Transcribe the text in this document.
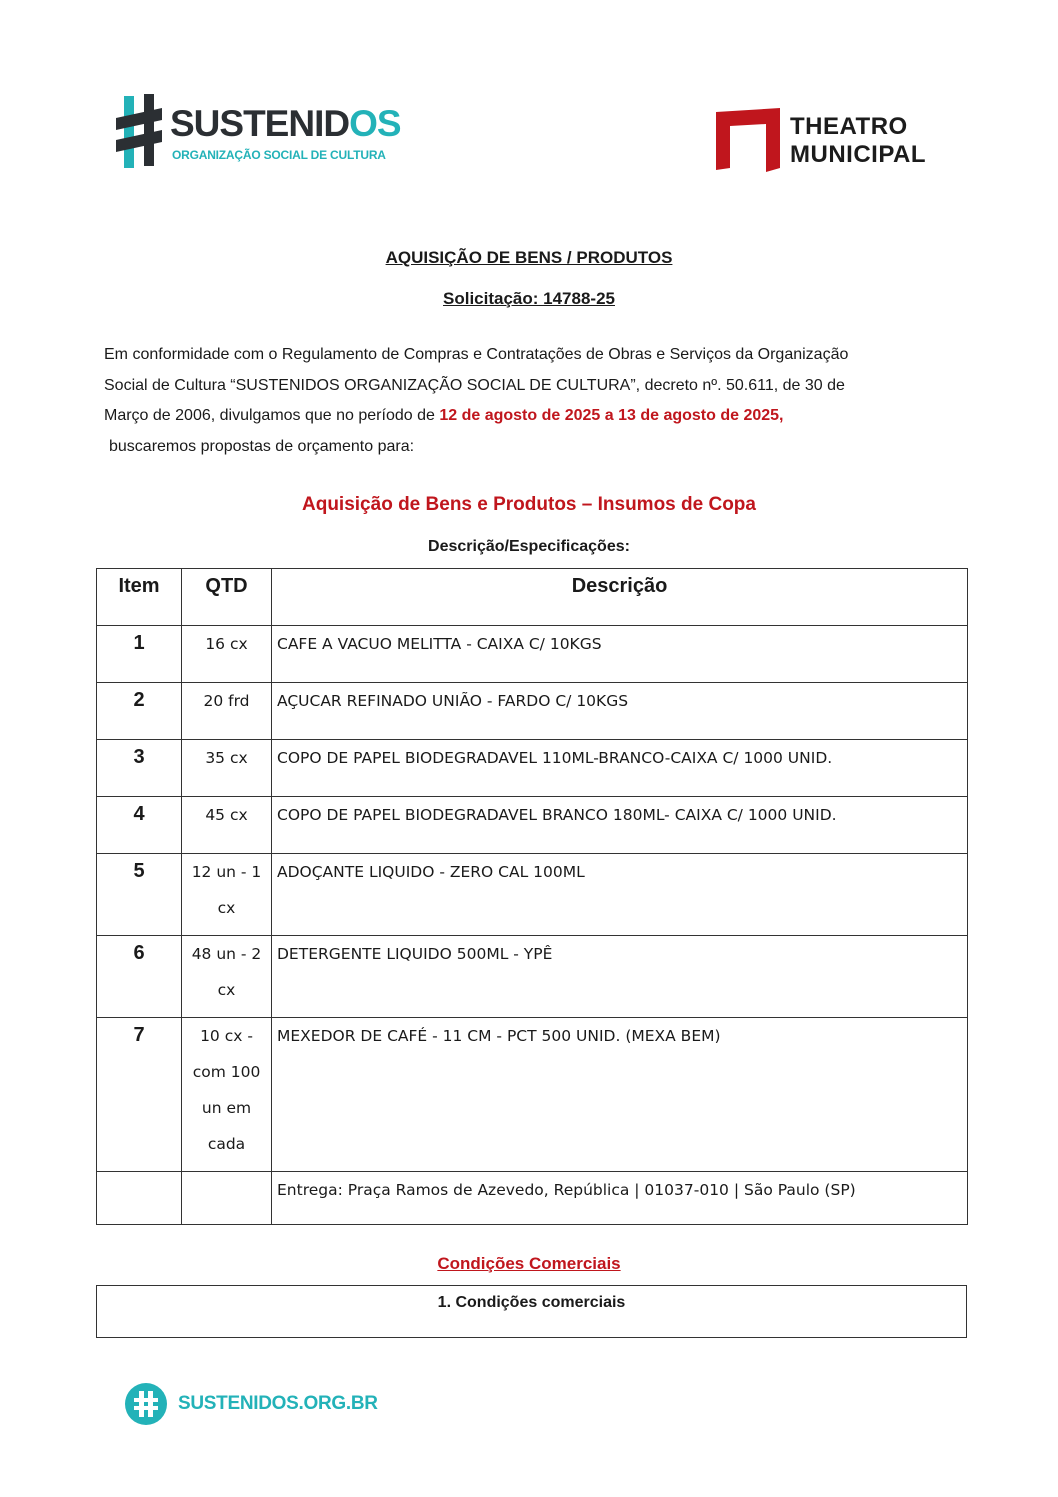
SUSTENIDOS
ORGANIZAÇÃO SOCIAL DE CULTURA
THEATRO
MUNICIPAL
AQUISIÇÃO DE BENS / PRODUTOS
Solicitação: 14788-25
Em conformidade com o Regulamento de Compras e Contratações de Obras e Serviços da Organização
Social de Cultura “SUSTENIDOS ORGANIZAÇÃO SOCIAL DE CULTURA”, decreto nº. 50.611, de 30 de
Março de 2006, divulgamos que no período de 12 de agosto de 2025 a 13 de agosto de 2025,
buscaremos propostas de orçamento para:
Aquisição de Bens e Produtos – Insumos de Copa
Descrição/Especificações:
Item	QTD	Descrição
1	16 cx	CAFE A VACUO MELITTA - CAIXA C/ 10KGS
2	20 frd	AÇUCAR REFINADO UNIÃO - FARDO C/ 10KGS
3	35 cx	COPO DE PAPEL BIODEGRADAVEL 110ML-BRANCO-CAIXA C/ 1000 UNID.
4	45 cx	COPO DE PAPEL BIODEGRADAVEL BRANCO 180ML- CAIXA C/ 1000 UNID.
5	12 un - 1
cx	ADOÇANTE LIQUIDO - ZERO CAL 100ML
6	48 un - 2
cx	DETERGENTE LIQUIDO 500ML - YPÊ
7	10 cx -
com 100
un em
cada	MEXEDOR DE CAFÉ - 11 CM - PCT 500 UNID. (MEXA BEM)
		Entrega: Praça Ramos de Azevedo, República | 01037-010 | São Paulo (SP)
Condições Comerciais
1. Condições comerciais
SUSTENIDOS.ORG.BR
